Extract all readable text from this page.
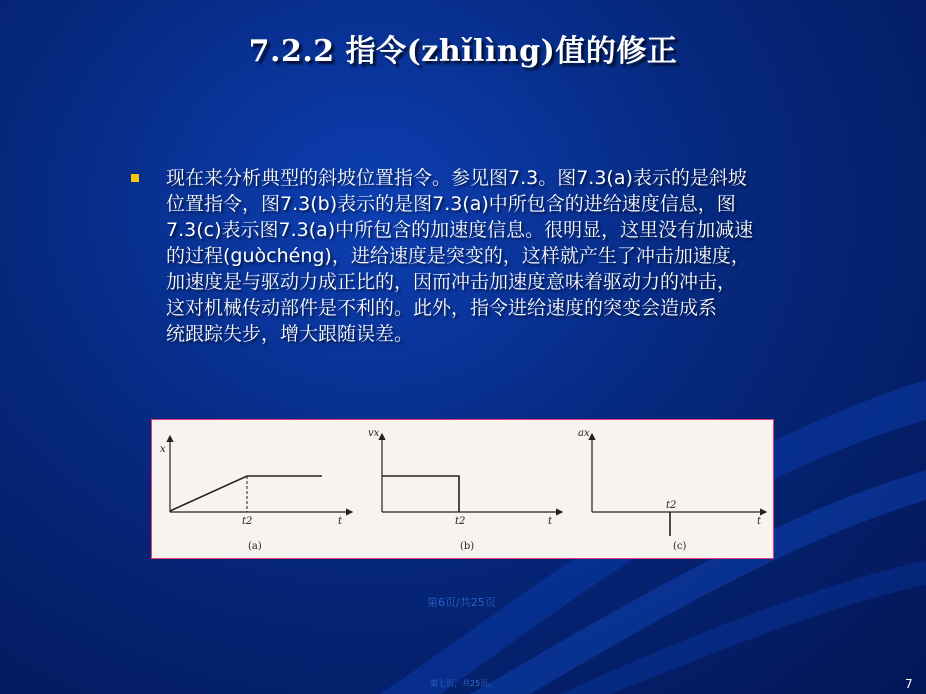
7.2.2 指令(zhǐlìng)值的修正
现在来分析典型的斜坡位置指令。参见图7.3。图7.3(a)表示的是斜坡
位置指令，图7.3(b)表示的是图7.3(a)中所包含的进给速度信息，图
7.3(c)表示图7.3(a)中所包含的加速度信息。很明显，这里没有加减速
的过程(guòchéng)，进给速度是突变的，这样就产生了冲击加速度，
加速度是与驱动力成正比的，因而冲击加速度意味着驱动力的冲击，
这对机械传动部件是不利的。此外，指令进给速度的突变会造成系
统跟踪失步，增大跟随误差。
x
t
t2
(a)
vx
t
t2
(b)
ax
t
t2
(c)
第6页/共25页
第七页，共25页。	7
